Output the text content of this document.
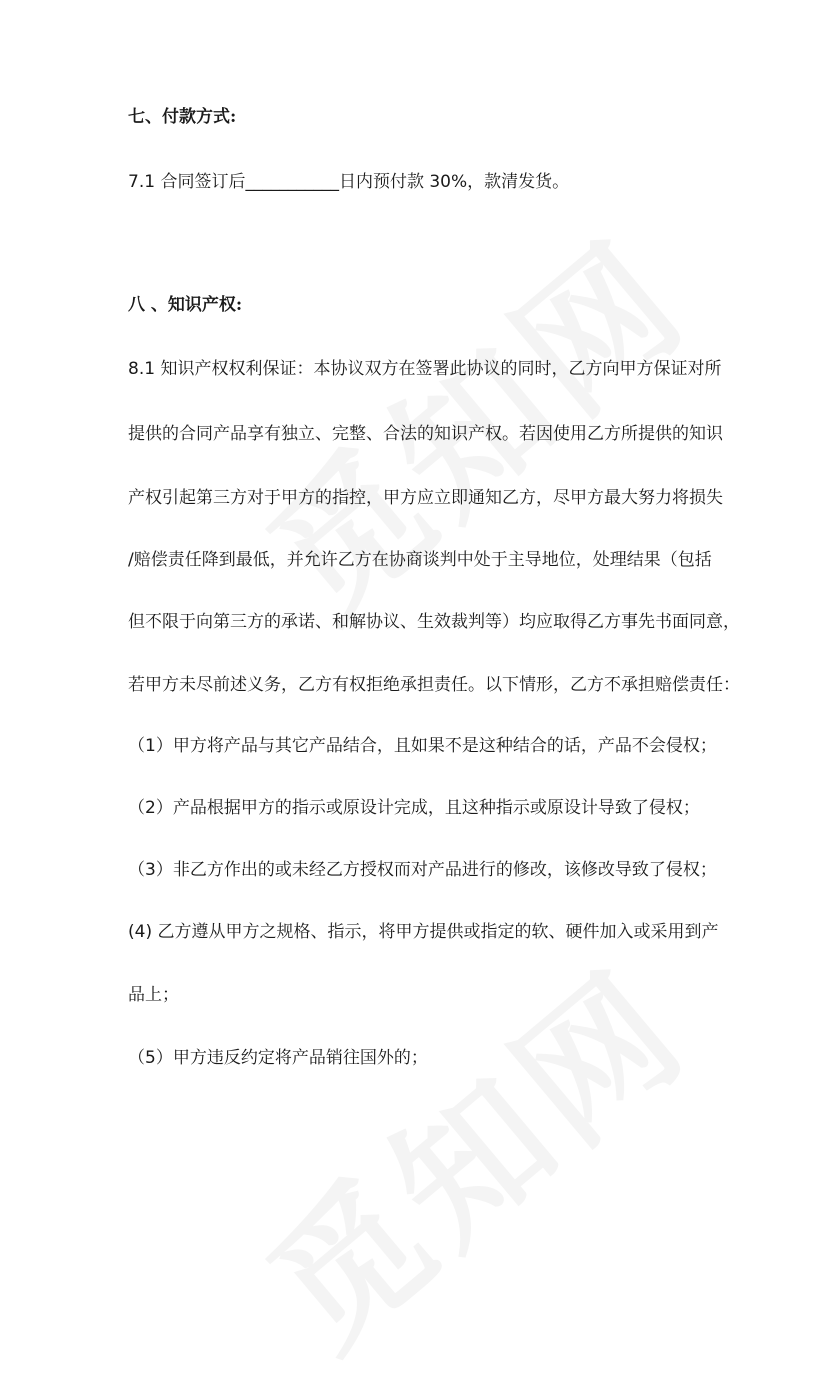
七、付款方式:
7.1 合同签订后___________日内预付款 30%，款清发货。
八 、知识产权:
8.1 知识产权权利保证：本协议双方在签署此协议的同时，乙方向甲方保证对所
提供的合同产品享有独立、完整、合法的知识产权。若因使用乙方所提供的知识
产权引起第三方对于甲方的指控，甲方应立即通知乙方，尽甲方最大努力将损失
/赔偿责任降到最低，并允许乙方在协商谈判中处于主导地位，处理结果（包括
但不限于向第三方的承诺、和解协议、生效裁判等）均应取得乙方事先书面同意，
若甲方未尽前述义务，乙方有权拒绝承担责任。以下情形，乙方不承担赔偿责任：
（1）甲方将产品与其它产品结合，且如果不是这种结合的话，产品不会侵权；
（2）产品根据甲方的指示或原设计完成，且这种指示或原设计导致了侵权；
（3）非乙方作出的或未经乙方授权而对产品进行的修改，该修改导致了侵权；
(4) 乙方遵从甲方之规格、指示，将甲方提供或指定的软、硬件加入或采用到产
品上；
（5）甲方违反约定将产品销往国外的；
